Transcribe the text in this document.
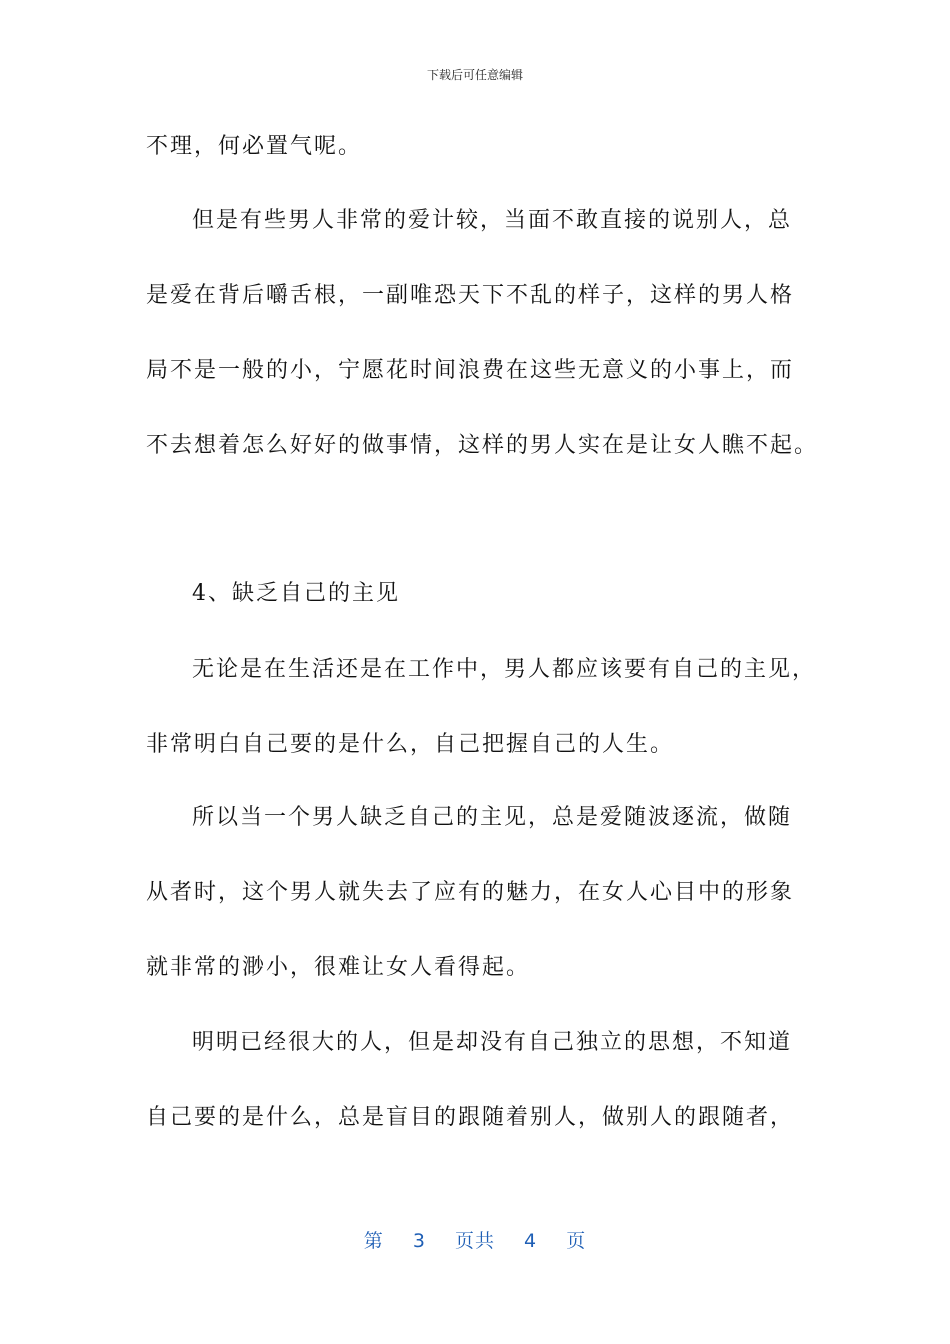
下载后可任意编辑
不理，何必置气呢。
但是有些男人非常的爱计较，当面不敢直接的说别人，总
是爱在背后嚼舌根，一副唯恐天下不乱的样子，这样的男人格
局不是一般的小，宁愿花时间浪费在这些无意义的小事上，而
不去想着怎么好好的做事情，这样的男人实在是让女人瞧不起。
4、缺乏自己的主见
无论是在生活还是在工作中，男人都应该要有自己的主见，
非常明白自己要的是什么，自己把握自己的人生。
所以当一个男人缺乏自己的主见，总是爱随波逐流，做随
从者时，这个男人就失去了应有的魅力，在女人心目中的形象
就非常的渺小，很难让女人看得起。
明明已经很大的人，但是却没有自己独立的思想，不知道
自己要的是什么，总是盲目的跟随着别人，做别人的跟随者，
第 3 页共 4 页
